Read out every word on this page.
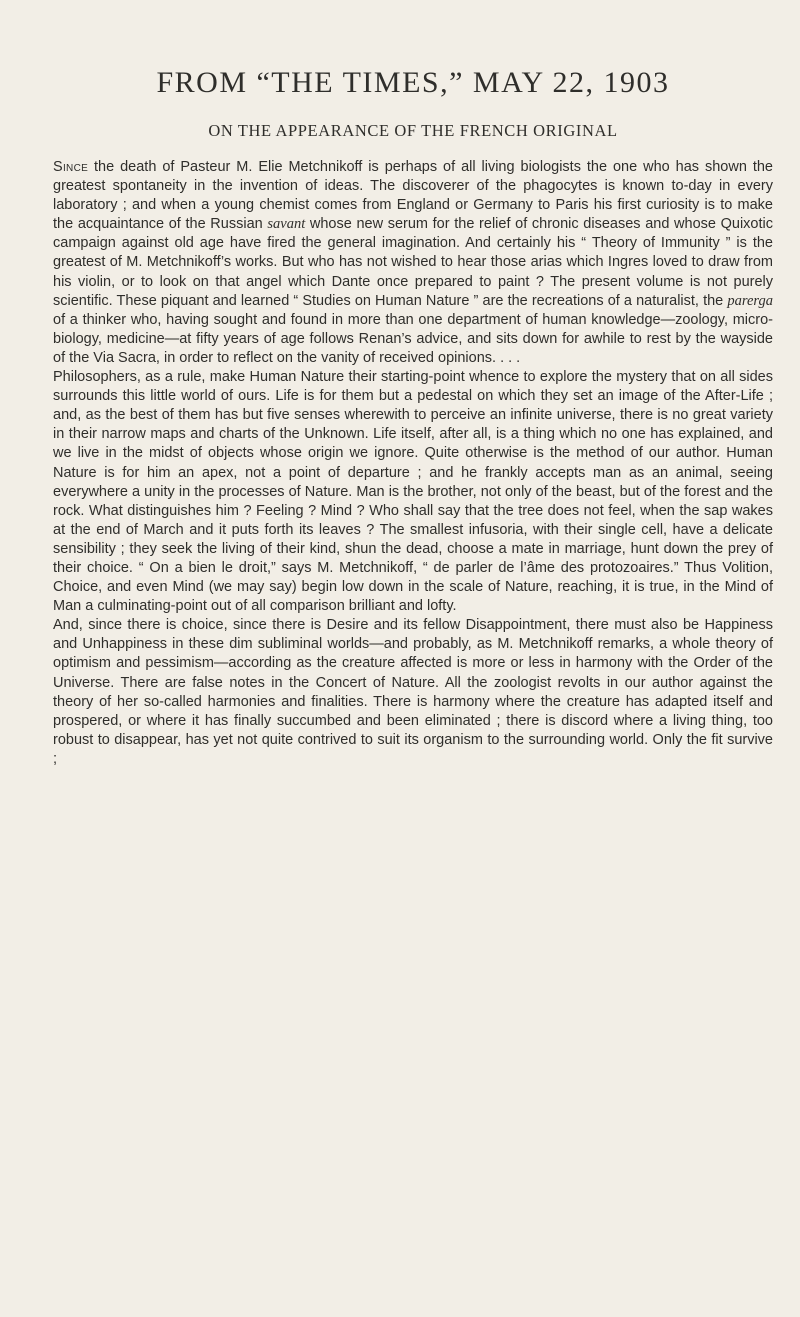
FROM “THE TIMES,” MAY 22, 1903
ON THE APPEARANCE OF THE FRENCH ORIGINAL

Since the death of Pasteur M. Elie Metchnikoff is perhaps of all living biologists the one who has shown the greatest spontaneity in the invention of ideas. The discoverer of the phagocytes is known to-day in every laboratory ; and when a young chemist comes from England or Germany to Paris his first curiosity is to make the acquaintance of the Russian savant whose new serum for the relief of chronic diseases and whose Quixotic campaign against old age have fired the general imagination. And certainly his “ Theory of Immunity ” is the greatest of M. Metchnikoff’s works. But who has not wished to hear those arias which Ingres loved to draw from his violin, or to look on that angel which Dante once prepared to paint ? The present volume is not purely scientific. These piquant and learned “ Studies on Human Nature ” are the recreations of a naturalist, the parerga of a thinker who, having sought and found in more than one department of human knowledge—zoology, micro-biology, medicine—at fifty years of age follows Renan’s advice, and sits down for awhile to rest by the wayside of the Via Sacra, in order to reflect on the vanity of received opinions. . . .

Philosophers, as a rule, make Human Nature their starting-point whence to explore the mystery that on all sides surrounds this little world of ours. Life is for them but a pedestal on which they set an image of the After-Life ; and, as the best of them has but five senses wherewith to perceive an infinite universe, there is no great variety in their narrow maps and charts of the Unknown. Life itself, after all, is a thing which no one has explained, and we live in the midst of objects whose origin we ignore. Quite otherwise is the method of our author. Human Nature is for him an apex, not a point of departure ; and he frankly accepts man as an animal, seeing everywhere a unity in the processes of Nature. Man is the brother, not only of the beast, but of the forest and the rock. What distinguishes him ? Feeling ? Mind ? Who shall say that the tree does not feel, when the sap wakes at the end of March and it puts forth its leaves ? The smallest infusoria, with their single cell, have a delicate sensibility ; they seek the living of their kind, shun the dead, choose a mate in marriage, hunt down the prey of their choice. “ On a bien le droit,” says M. Metchnikoff, “ de parler de l’âme des protozoaires.” Thus Volition, Choice, and even Mind (we may say) begin low down in the scale of Nature, reaching, it is true, in the Mind of Man a culminating-point out of all comparison brilliant and lofty.

And, since there is choice, since there is Desire and its fellow Disappointment, there must also be Happiness and Unhappiness in these dim subliminal worlds—and probably, as M. Metchnikoff remarks, a whole theory of optimism and pessimism—according as the creature affected is more or less in harmony with the Order of the Universe. There are false notes in the Concert of Nature. All the zoologist revolts in our author against the theory of her so-called harmonies and finalities. There is harmony where the creature has adapted itself and prospered, or where it has finally succumbed and been eliminated ; there is discord where a living thing, too robust to disappear, has yet not quite contrived to suit its organism to the surrounding world. Only the fit survive ;
